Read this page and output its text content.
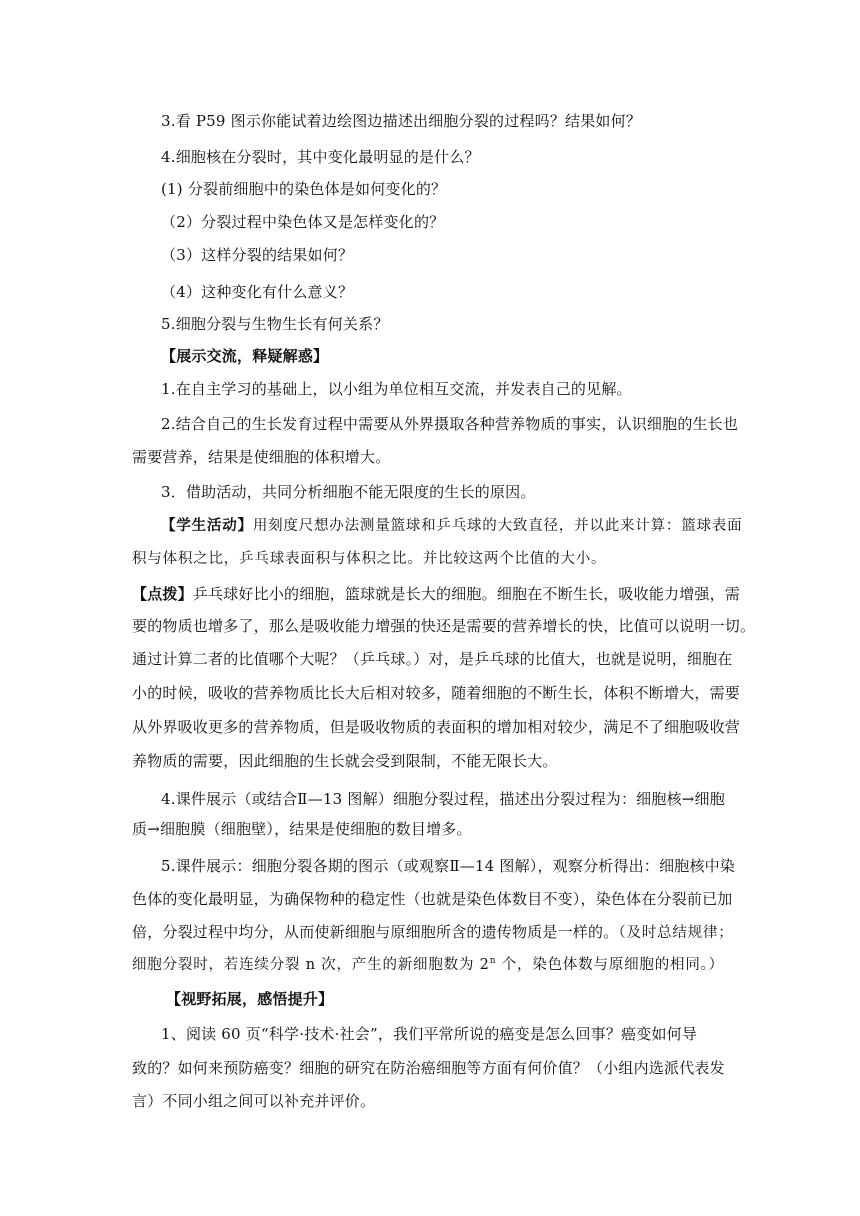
3.看 P59 图示你能试着边绘图边描述出细胞分裂的过程吗？结果如何？
4.细胞核在分裂时，其中变化最明显的是什么？
(1) 分裂前细胞中的染色体是如何变化的？
（2）分裂过程中染色体又是怎样变化的？
（3）这样分裂的结果如何？
（4）这种变化有什么意义？
5.细胞分裂与生物生长有何关系？
【展示交流，释疑解惑】
1.在自主学习的基础上，以小组为单位相互交流，并发表自己的见解。
2.结合自己的生长发育过程中需要从外界摄取各种营养物质的事实，认识细胞的生长也
需要营养，结果是使细胞的体积增大。
3．借助活动，共同分析细胞不能无限度的生长的原因。
【学生活动】用刻度尺想办法测量篮球和乒乓球的大致直径，并以此来计算：篮球表面
积与体积之比，乒乓球表面积与体积之比。并比较这两个比值的大小。
【点拨】乒乓球好比小的细胞，篮球就是长大的细胞。细胞在不断生长，吸收能力增强，需
要的物质也增多了，那么是吸收能力增强的快还是需要的营养增长的快，比值可以说明一切。
通过计算二者的比值哪个大呢？（乒乓球。）对，是乒乓球的比值大，也就是说明，细胞在
小的时候，吸收的营养物质比长大后相对较多，随着细胞的不断生长，体积不断增大，需要
从外界吸收更多的营养物质，但是吸收物质的表面积的增加相对较少，满足不了细胞吸收营
养物质的需要，因此细胞的生长就会受到限制，不能无限长大。
4.课件展示（或结合Ⅱ—13 图解）细胞分裂过程，描述出分裂过程为：细胞核→细胞
质→细胞膜（细胞壁），结果是使细胞的数目增多。
5.课件展示：细胞分裂各期的图示（或观察Ⅱ—14 图解），观察分析得出：细胞核中染
色体的变化最明显，为确保物种的稳定性（也就是染色体数目不变），染色体在分裂前已加
倍，分裂过程中均分，从而使新细胞与原细胞所含的遗传物质是一样的。（及时总结规律；
细胞分裂时，若连续分裂 n 次，产生的新细胞数为 2$^n$ 个，染色体数与原细胞的相同。）
【视野拓展，感悟提升】
1、阅读 60 页“科学·技术·社会”，我们平常所说的癌变是怎么回事？癌变如何导
致的？如何来预防癌变？细胞的研究在防治癌细胞等方面有何价值？（小组内选派代表发
言）不同小组之间可以补充并评价。
